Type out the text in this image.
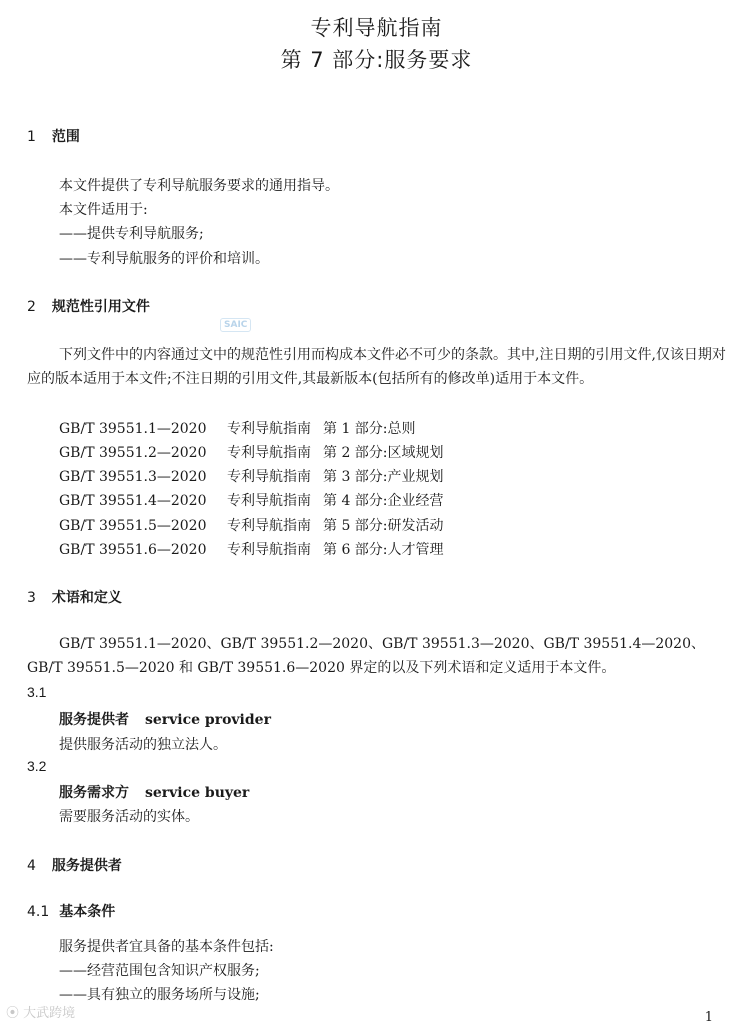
专利导航指南
第 7 部分:服务要求
1 范围
本文件提供了专利导航服务要求的通用指导。
本文件适用于:
——提供专利导航服务;
——专利导航服务的评价和培训。
2 规范性引用文件
SAIC
下列文件中的内容通过文中的规范性引用而构成本文件必不可少的条款。其中,注日期的引用文件,仅该日期对应的版本适用于本文件;不注日期的引用文件,其最新版本(包括所有的修改单)适用于本文件。
GB/T 39551.1—2020 专利导航指南 第 1 部分:总则
GB/T 39551.2—2020 专利导航指南 第 2 部分:区域规划
GB/T 39551.3—2020 专利导航指南 第 3 部分:产业规划
GB/T 39551.4—2020 专利导航指南 第 4 部分:企业经营
GB/T 39551.5—2020 专利导航指南 第 5 部分:研发活动
GB/T 39551.6—2020 专利导航指南 第 6 部分:人才管理
3 术语和定义
GB/T 39551.1—2020、GB/T 39551.2—2020、GB/T 39551.3—2020、GB/T 39551.4—2020、GB/T 39551.5—2020 和 GB/T 39551.6—2020 界定的以及下列术语和定义适用于本文件。
3.1
服务提供者 service provider
提供服务活动的独立法人。
3.2
服务需求方 service buyer
需要服务活动的实体。
4 服务提供者
4.1 基本条件
服务提供者宜具备的基本条件包括:
——经营范围包含知识产权服务;
——具有独立的服务场所与设施;
⦿ 大武跨境	1
